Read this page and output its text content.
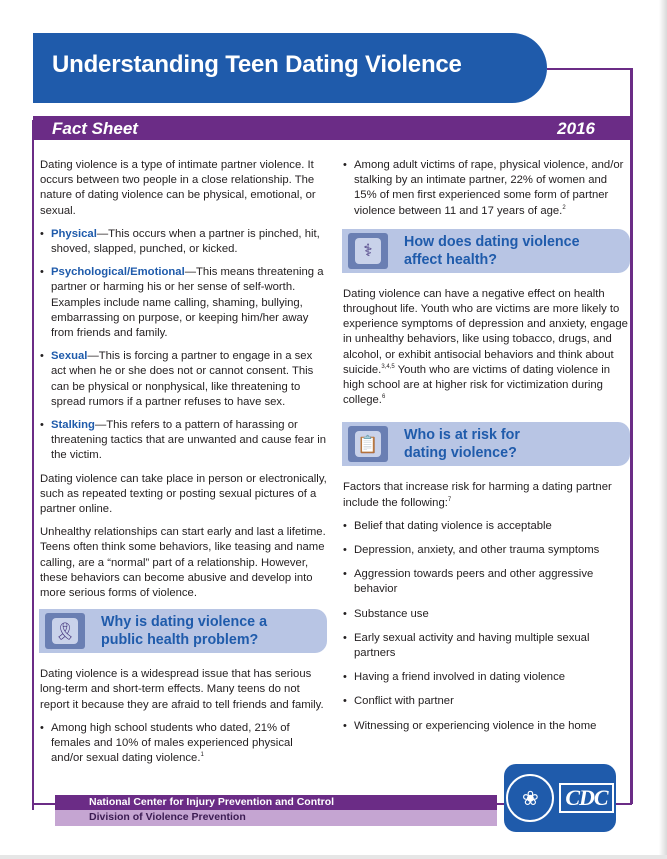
Understanding Teen Dating Violence
Fact Sheet	2016

Dating violence is a type of intimate partner violence. It occurs between two people in a close relationship. The nature of dating violence can be physical, emotional, or sexual.

• Physical—This occurs when a partner is pinched, hit, shoved, slapped, punched, or kicked.
• Psychological/Emotional—This means threatening a partner or harming his or her sense of self-worth. Examples include name calling, shaming, bullying, embarrassing on purpose, or keeping him/her away from friends and family.
• Sexual—This is forcing a partner to engage in a sex act when he or she does not or cannot consent. This can be physical or nonphysical, like threatening to spread rumors if a partner refuses to have sex.
• Stalking—This refers to a pattern of harassing or threatening tactics that are unwanted and cause fear in the victim.

Dating violence can take place in person or electronically, such as repeated texting or posting sexual pictures of a partner online.

Unhealthy relationships can start early and last a lifetime. Teens often think some behaviors, like teasing and name calling, are a “normal” part of a relationship. However, these behaviors can become abusive and develop into more serious forms of violence.

🎗 Why is dating violence a
public health problem?

Dating violence is a widespread issue that has serious long-term and short-term effects. Many teens do not report it because they are afraid to tell friends and family.

• Among high school students who dated, 21% of females and 10% of males experienced physical and/or sexual dating violence.$^1$
• Among adult victims of rape, physical violence, and/or stalking by an intimate partner, 22% of women and 15% of men first experienced some form of partner violence between 11 and 17 years of age.$^2$
⚕	How does dating violence
affect health?

Dating violence can have a negative effect on health throughout life. Youth who are victims are more likely to experience symptoms of depression and anxiety, engage in unhealthy behaviors, like using tobacco, drugs, and alcohol, or exhibit antisocial behaviors and think about suicide.$^{3,4,5}$ Youth who are victims of dating violence in high school are at higher risk for victimization during college.$^6$

📋 Who is at risk for
dating violence?

Factors that increase risk for harming a dating partner include the following:$^7$

• Belief that dating violence is acceptable
• Depression, anxiety, and other trauma symptoms
• Aggression towards peers and other aggressive behavior
• Substance use
• Early sexual activity and having multiple sexual partners
• Having a friend involved in dating violence
• Conflict with partner
• Witnessing or experiencing violence in the home
National Center for Injury Prevention and Control
Division of Violence Prevention
❀	CDC
